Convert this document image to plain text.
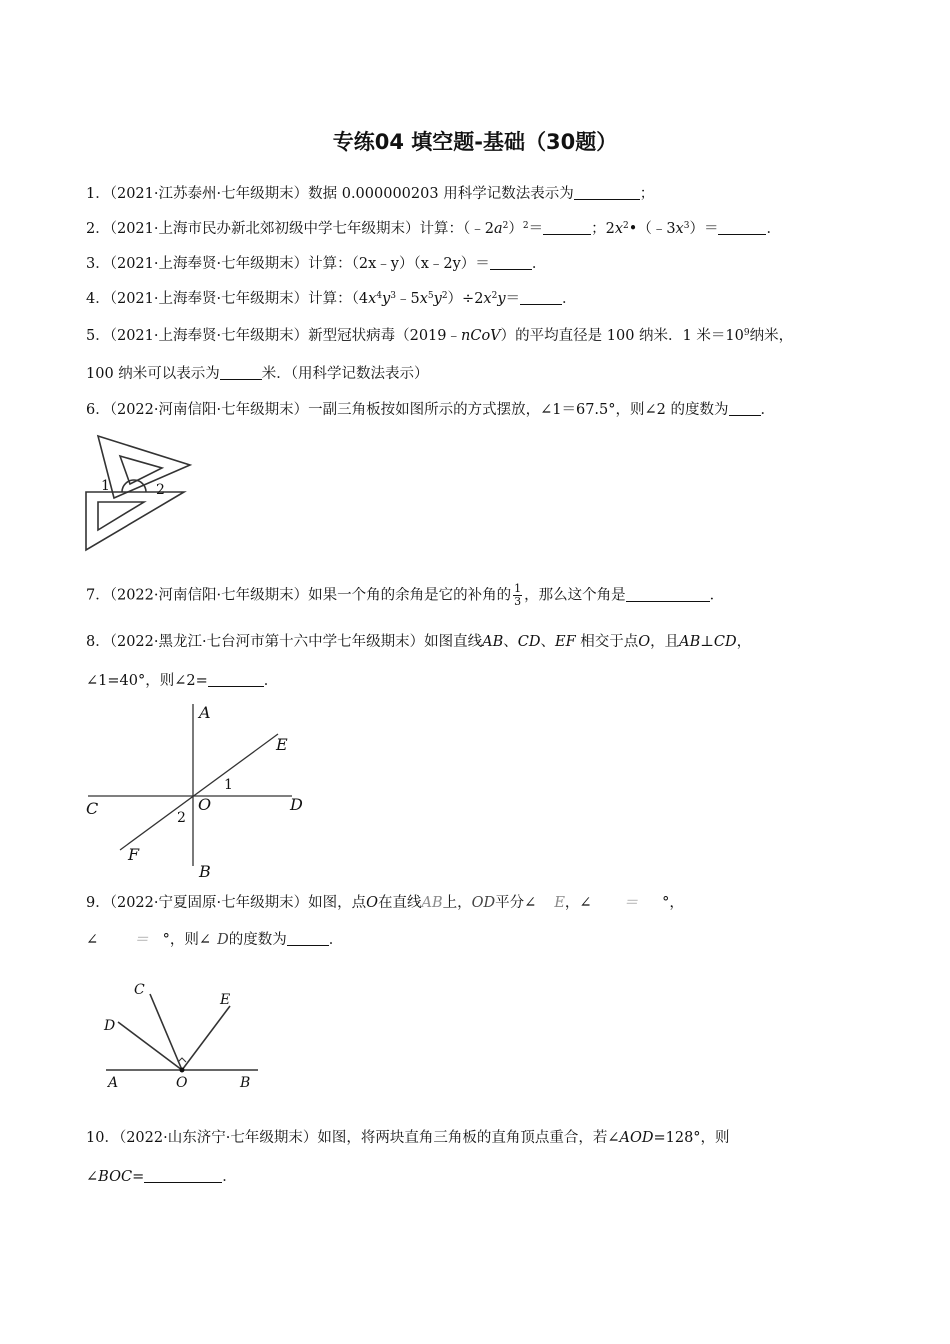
专练04 填空题-基础（30题）
1．（2021·江苏泰州·七年级期末）数据 0.000000203 用科学记数法表示为	；
2．（2021·上海市民办新北郊初级中学七年级期末）计算：$(﹣2a^2)^2=$	；$2x^2•(﹣3x^3)=$	．
3．（2021·上海奉贤·七年级期末）计算：（2x﹣y）（x﹣2y）＝	．
4．（2021·上海奉贤·七年级期末）计算：$(4x^4y^3﹣5x^5y^2)\div 2x^2y=$	．
5．（2021·上海奉贤·七年级期末）新型冠状病毒（2019﹣nCoV）的平均直径是 100 纳米．1 米$=10^9$纳米，
100 纳米可以表示为	米．（用科学记数法表示）
6．（2022·河南信阳·七年级期末）一副三角板按如图所示的方式摆放，∠1＝67.5°，则∠2 的度数为 ．
1	2
7．（2022·河南信阳·七年级期末）如果一个角的余角是它的补角的 $\frac{1}{3}$ ，那么这个角是	．
8．（2022·黑龙江·七台河市第十六中学七年级期末）如图直线AB、CD、EF 相交于点O，且AB⊥CD，
∠1=40°，则∠2=	．
A
B
C	D
E
F
O
1
2
9．（2022·宁夏固原·七年级期末）如图，点O在直线AB上，OD平分∠ E，∠ ＝ °，
∠ ＝ °，则∠ D的度数为	．
C
D
E
A	O	B
10．（2022·山东济宁·七年级期末）如图，将两块直角三角板的直角顶点重合，若∠AOD=128°，则
∠BOC=	．
